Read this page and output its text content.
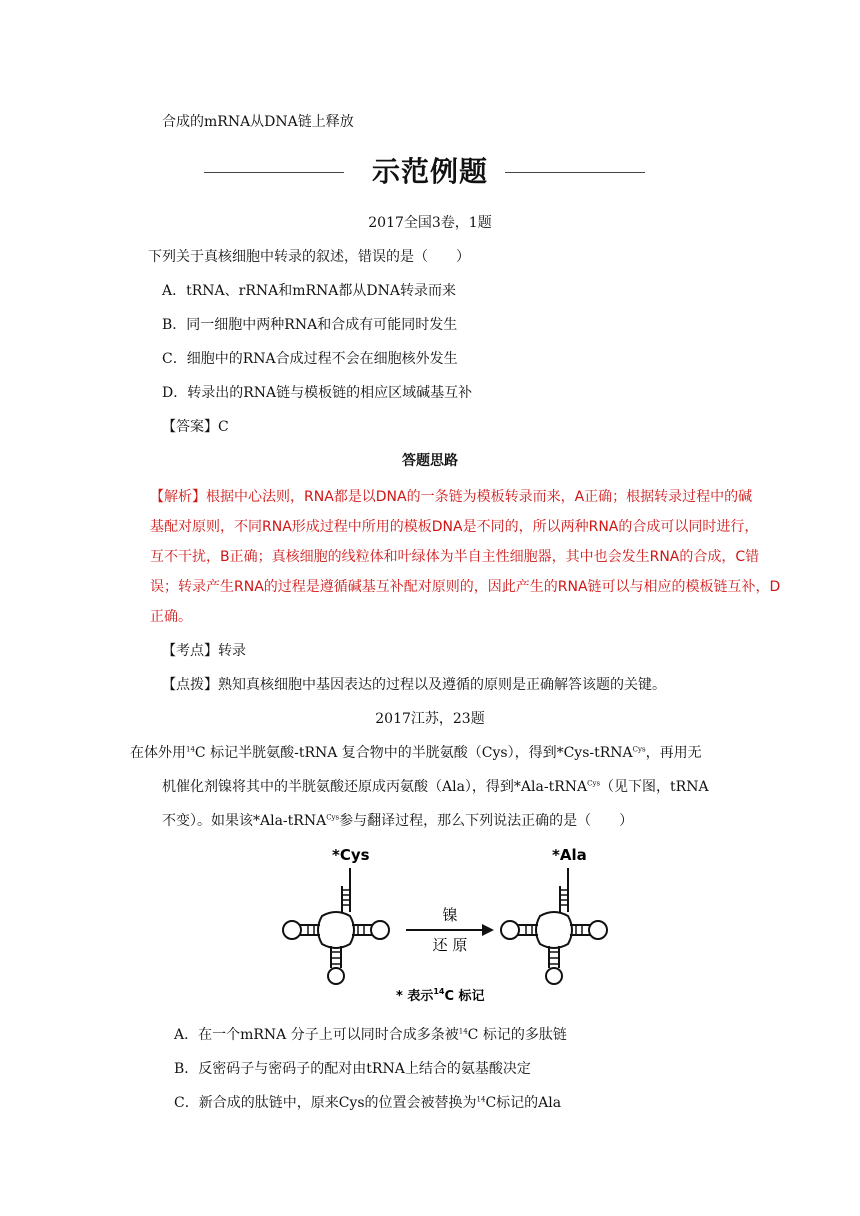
合成的mRNA从DNA链上释放
示范例题
2017全国3卷，1题
下列关于真核细胞中转录的叙述，错误的是（　　）
A．tRNA、rRNA和mRNA都从DNA转录而来
B．同一细胞中两种RNA和合成有可能同时发生
C．细胞中的RNA合成过程不会在细胞核外发生
D．转录出的RNA链与模板链的相应区域碱基互补
【答案】C
答题思路

【解析】根据中心法则，RNA都是以DNA的一条链为模板转录而来，A正确；根据转录过程中的碱

基配对原则，不同RNA形成过程中所用的模板DNA是不同的，所以两种RNA的合成可以同时进行，

互不干扰，B正确；真核细胞的线粒体和叶绿体为半自主性细胞器，其中也会发生RNA的合成，C错

误；转录产生RNA的过程是遵循碱基互补配对原则的，因此产生的RNA链可以与相应的模板链互补，D

正确。

【考点】转录
【点拨】熟知真核细胞中基因表达的过程以及遵循的原则是正确解答该题的关键。
2017江苏，23题
在体外用$^{14}$C 标记半胱氨酸-tRNA 复合物中的半胱氨酸（Cys），得到*Cys-tRNA$^{Cys}$，再用无
机催化剂镍将其中的半胱氨酸还原成丙氨酸（Ala），得到*Ala-tRNA$^{Cys}$（见下图，tRNA
不变）。如果该*Ala-tRNA$^{Cys}$参与翻译过程，那么下列说法正确的是（　　）
*Cys	*Ala
镍
还 原
* 表示$^{14}$C 标记
A．在一个mRNA 分子上可以同时合成多条被$^{14}$C 标记的多肽链
B．反密码子与密码子的配对由tRNA上结合的氨基酸决定
C．新合成的肽链中，原来Cys的位置会被替换为$^{14}$C标记的Ala
